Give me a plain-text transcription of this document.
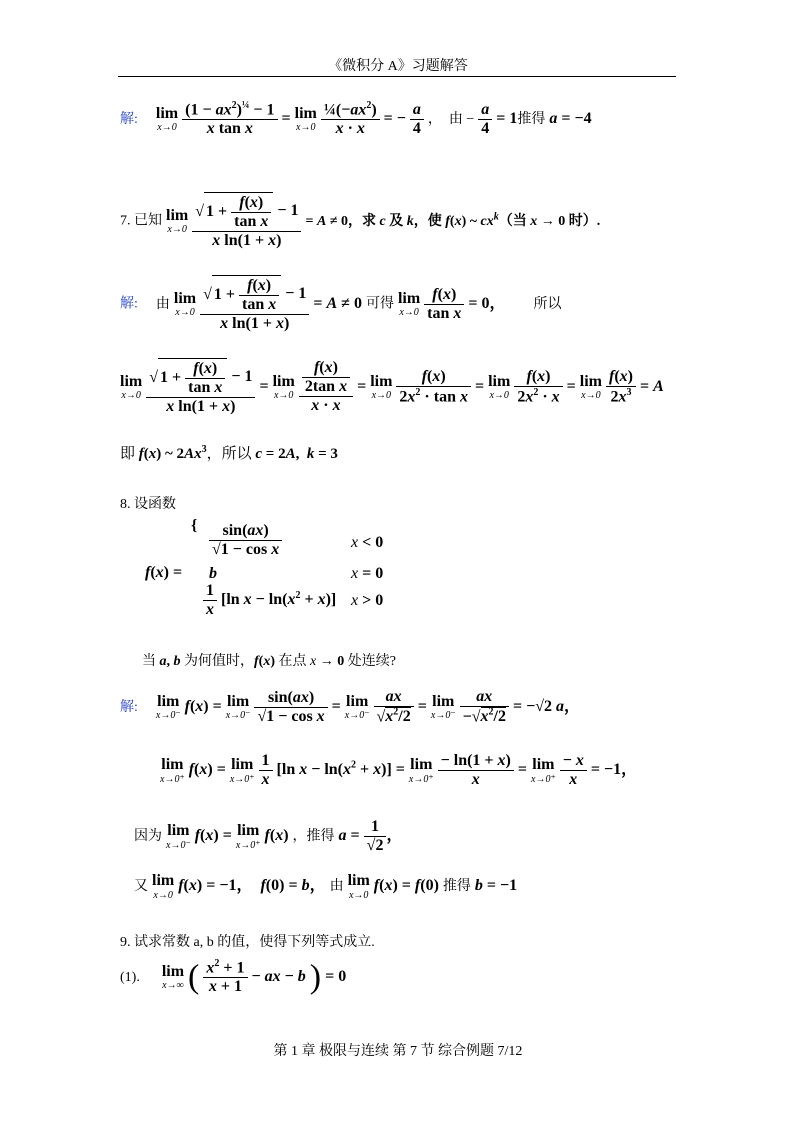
《微积分 A》习题解答
第 1 章 极限与连续 第 7 节 综合例题 7/12
解: lim
x→0
$\frac{(1 - ax^2)^{\frac{1}{4}} - 1}{\text{x tan x}} = \lim$
x→0
$\frac{\frac{1}{4}(-ax^2)}{x \cdot x}$ = − $\frac{a}{4}$ ，  由 − $\frac{a}{4} = 1$推得 a = −4
7. 已知 lim
x→0
$\frac{√ 1 + \frac{f(x)}{\text{tan x}} - 1}{\text{x ln(1 + x)}} = A \ne 0$，求 c 及 k，使 f(x) ~ $cx^k$（当 x → 0 时）.
解: 由 lim
x→0
$\frac{√ 1 + \frac{f(x)}{\text{tan x}} - 1}{\text{x ln(1 + x)}} = A \ne 0$ 可得 lim
x→0
$\frac{f(x)}{\text{tan x}} = 0$， 所以
lim
x→0
$\frac{√ 1 + \frac{f(x)}{\text{tan x}} - 1}{\text{x ln(1 + x)}} = \lim$
x→0
$\frac{\frac{f(x)}{\text{2tan x}}}{x \cdot x} = \lim$
x→0
$\frac{f(x)}{2x^2 \cdot \tan x} = \lim$
x→0
$\frac{f(x)}{2x^2 \cdot x} = \lim$
x→0
$\frac{f(x)}{2x^3} = A$
即 f(x) ~ 2Ax$^3$，所以 c = 2A,  k = 3
8. 设函数
f(x) =
{ $\frac{\sin(ax)}{\text{√1 − cos x}}$	x < 0
b	x = 0
$\frac{1}{x} [\ln$ $x - \ln(x^2 + x)$] x > 0
当 a, b 为何值时，f(x) 在点 x → 0 处连续?
解: lim
x→0⁻
f(x) = lim
x→0⁻
$\frac{\sin(ax)}{\text{√1 − cos x}} = \lim$
x→0⁻
$\frac{ax}{√x^2/2} = \lim$
x→0⁻
$\frac{ax}{-√x^2/2} = -√2$ a，
lim
x→0⁺
f(x) = lim
x→0⁺
$\frac{1}{x} [\ln$ $x - \ln(x^2 + x)] = \lim$
x→0⁺
$\frac{- \ln(1 + x)}{x} = \lim$
x→0⁺
$\frac{- x}{x} = -1$，
因为 lim
x→0⁻
f(x) = lim
x→0⁺
f(x) ，推得 $a = \frac{1}{√2}$ ，
又 lim
x→0
f(x) = −1，  f(0) = b， 由 lim
x→0
f(x) = f(0) 推得 b = −1
9. 试求常数 a, b 的值，使得下列等式成立.
(1). lim
x→∞ ( $\frac{x^2 + 1}{x + 1}$ − ax − b ) = 0
